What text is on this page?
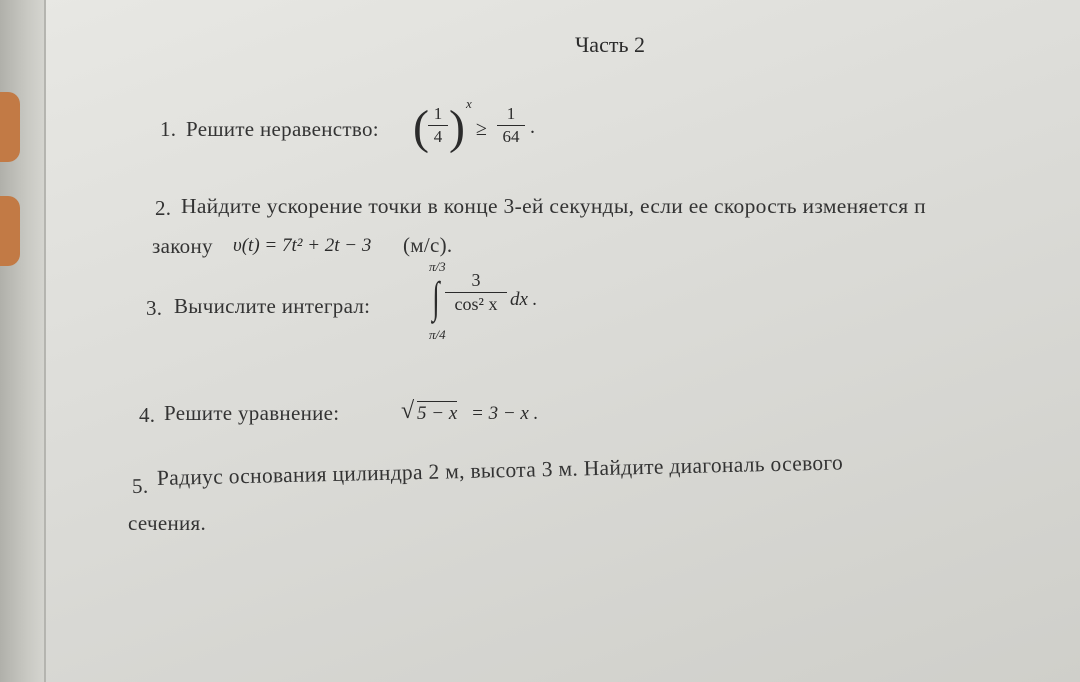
Часть 2
1. Решите неравенство: ( 1
4 ) x
≥
1
64 .
2. Найдите ускорение точки в конце 3-ей секунды, если ее скорость изменяется п
закону υ(t) = 7t² + 2t − 3 (м/с).
3. Вычислите интеграл:
π/3
∫
π/4
3
cos² x dx .
4. Решите уравнение:	√ 5 − x = 3 − x .
5. Радиус основания цилиндра 2 м, высота 3 м. Найдите диагональ осевого
сечения.
